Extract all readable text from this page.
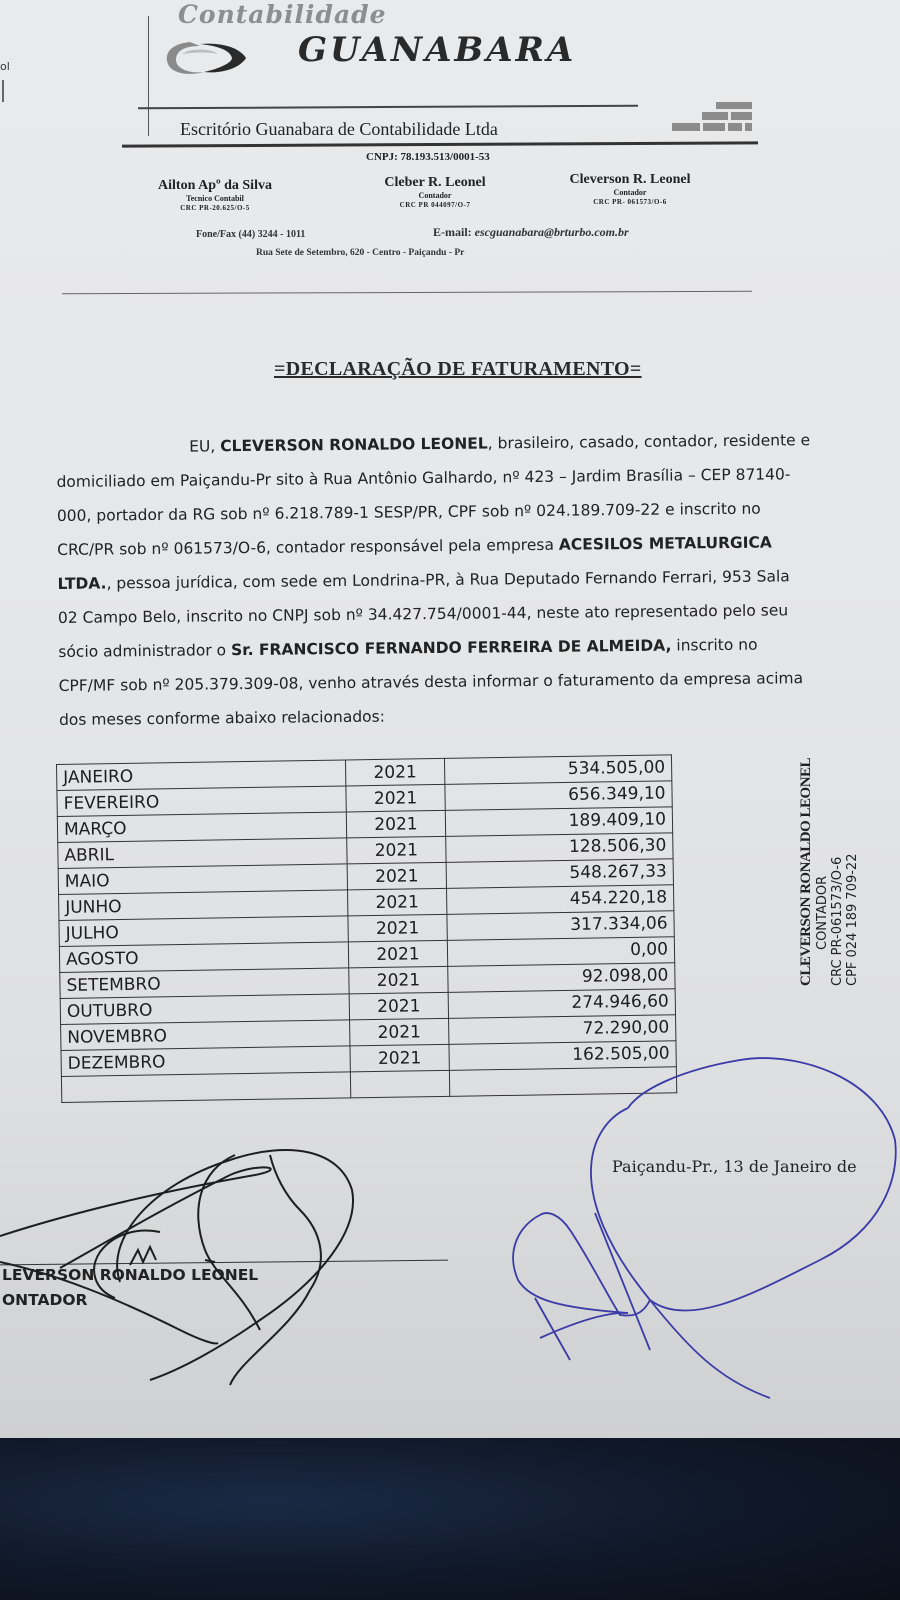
ol
Contabilidade
GUANABARA
Escritório Guanabara de Contabilidade Ltda
CNPJ: 78.193.513/0001-53
Ailton Apº da Silva
Tecnico Contabil
CRC PR-20.625/O-5
Cleber R. Leonel
Contador
CRC PR 044097/O-7
Cleverson R. Leonel
Contador
CRC PR- 061573/O-6
Fone/Fax (44) 3244 - 1011	E-mail: escguanabara@brturbo.com.br
Rua Sete de Setembro, 620 - Centro - Paiçandu - Pr
=DECLARAÇÃO DE FATURAMENTO=
EU, CLEVERSON RONALDO LEONEL, brasileiro, casado, contador, residente e
domiciliado em Paiçandu-Pr sito à Rua Antônio Galhardo, nº 423 – Jardim Brasília – CEP 87140-
000, portador da RG sob nº 6.218.789-1 SESP/PR, CPF sob nº 024.189.709-22 e inscrito no
CRC/PR sob nº 061573/O-6, contador responsável pela empresa ACESILOS METALURGICA
LTDA., pessoa jurídica, com sede em Londrina-PR, à Rua Deputado Fernando Ferrari, 953 Sala
02 Campo Belo, inscrito no CNPJ sob nº 34.427.754/0001-44, neste ato representado pelo seu
sócio administrador o Sr. FRANCISCO FERNANDO FERREIRA DE ALMEIDA, inscrito no
CPF/MF sob nº 205.379.309-08, venho através desta informar o faturamento da empresa acima
dos meses conforme abaixo relacionados:
JANEIRO	2021	534.505,00
FEVEREIRO	2021	656.349,10
MARÇO	2021	189.409,10
ABRIL	2021	128.506,30
MAIO	2021	548.267,33
JUNHO	2021	454.220,18
JULHO	2021	317.334,06
AGOSTO	2021	0,00
SETEMBRO	2021	92.098,00
OUTUBRO	2021	274.946,60
NOVEMBRO	2021	72.290,00
DEZEMBRO	2021	162.505,00

CLEVERSON RONALDO LEONEL CONTADOR CRC PR-061573/O-6 CPF 024 189 709-22
Paiçandu-Pr., 13 de Janeiro de
LEVERSON RONALDO LEONEL
ONTADOR
